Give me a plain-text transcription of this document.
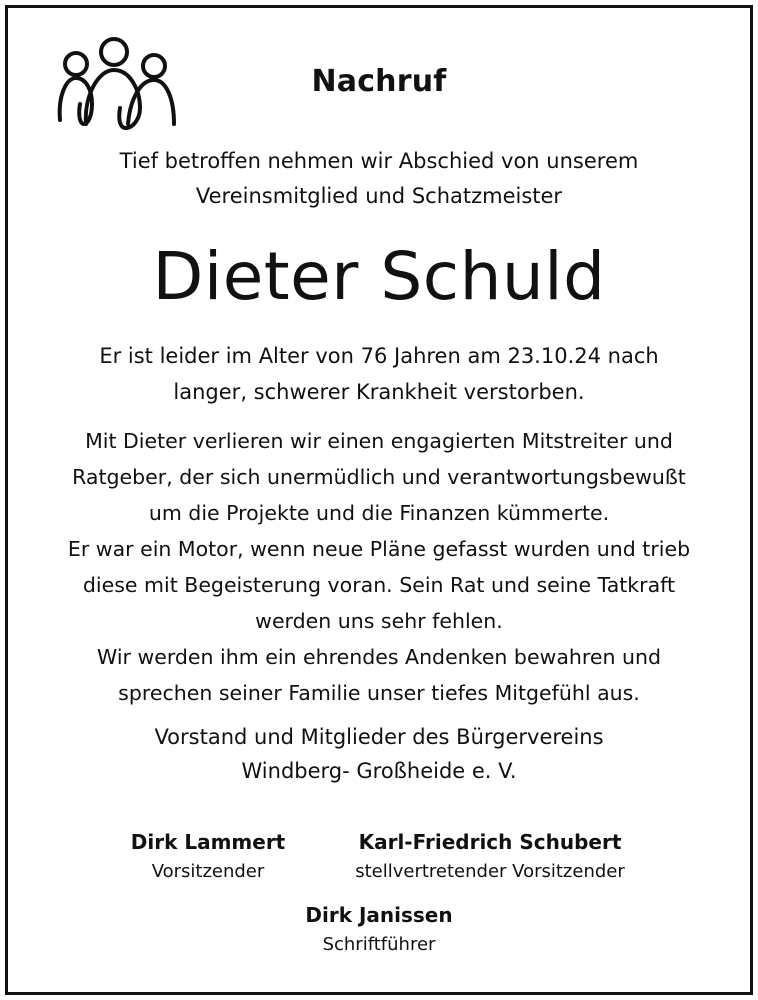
Nachruf
Tief betroffen nehmen wir Abschied von unserem
Vereinsmitglied und Schatzmeister
Dieter Schuld
Er ist leider im Alter von 76 Jahren am 23.10.24 nach
langer, schwerer Krankheit verstorben.
Mit Dieter verlieren wir einen engagierten Mitstreiter und
Ratgeber, der sich unermüdlich und verantwortungsbewußt
um die Projekte und die Finanzen kümmerte.
Er war ein Motor, wenn neue Pläne gefasst wurden und trieb
diese mit Begeisterung voran. Sein Rat und seine Tatkraft
werden uns sehr fehlen.
Wir werden ihm ein ehrendes Andenken bewahren und
sprechen seiner Familie unser tiefes Mitgefühl aus.
Vorstand und Mitglieder des Bürgervereins
Windberg- Großheide e. V.
Dirk Lammert
Vorsitzender
Karl-Friedrich Schubert
stellvertretender Vorsitzender
Dirk Janissen
Schriftführer
